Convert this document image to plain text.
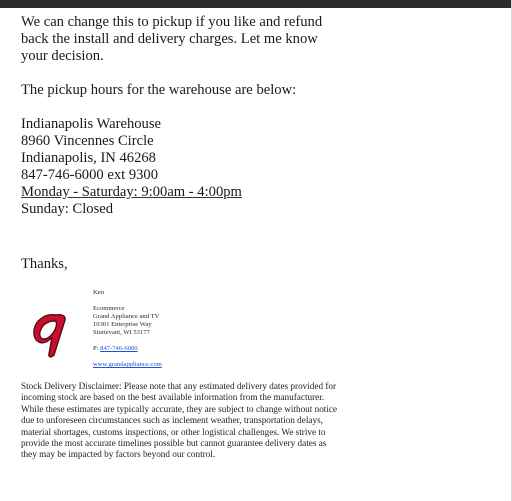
We can change this to pickup if you like and refund
back the install and delivery charges. Let me know
your decision.
The pickup hours for the warehouse are below:
Indianapolis Warehouse
8960 Vincennes Circle
Indianapolis, IN 46268
847-746-6000 ext 9300
Monday - Saturday: 9:00am - 4:00pm
Sunday: Closed
Thanks,
Ken
Ecommerce
Grand Appliance and TV
10301 Enterprise Way
Sturtevant, WI 53177
P: 847-746-6000
www.grandappliance.com
Stock Delivery Disclaimer: Please note that any estimated delivery dates provided for incoming stock are based on the best available information from the manufacturer. While these estimates are typically accurate, they are subject to change without notice due to unforeseen circumstances such as inclement weather, transportation delays, material shortages, customs inspections, or other logistical challenges. We strive to provide the most accurate timelines possible but cannot guarantee delivery dates as they may be impacted by factors beyond our control.
